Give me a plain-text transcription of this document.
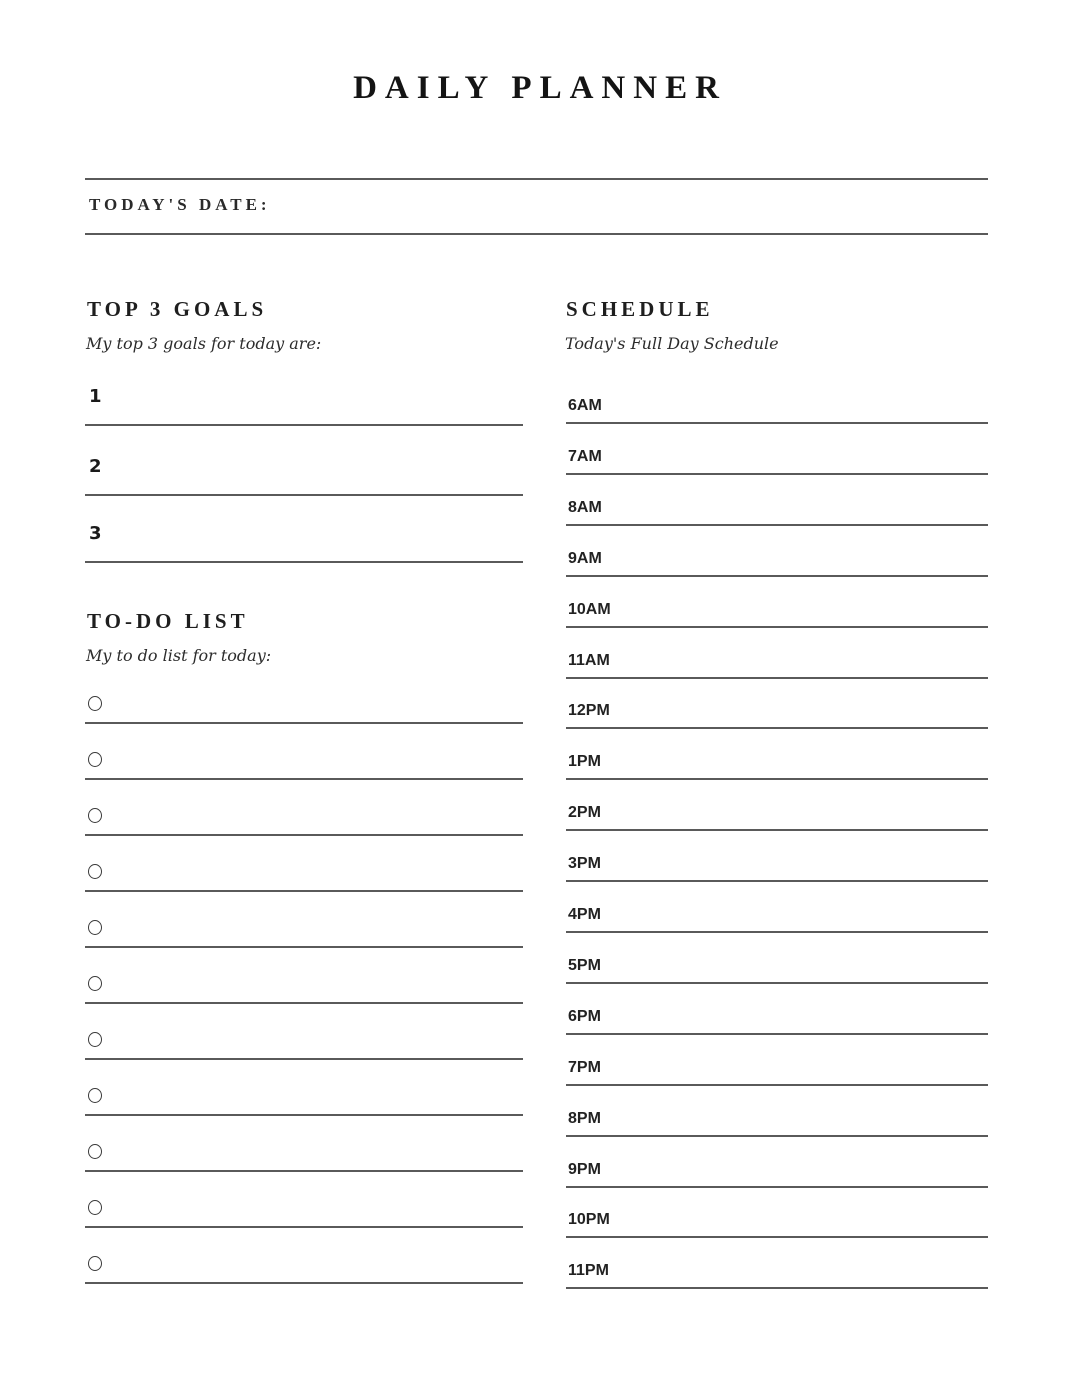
DAILY PLANNER
TODAY'S DATE:
TOP 3 GOALS
My top 3 goals for today are:
1
2
3
TO-DO LIST
My to do list for today:
SCHEDULE
Today's Full Day Schedule
6AM
7AM
8AM
9AM
10AM
11AM
12PM
1PM
2PM
3PM
4PM
5PM
6PM
7PM
8PM
9PM
10PM
11PM
